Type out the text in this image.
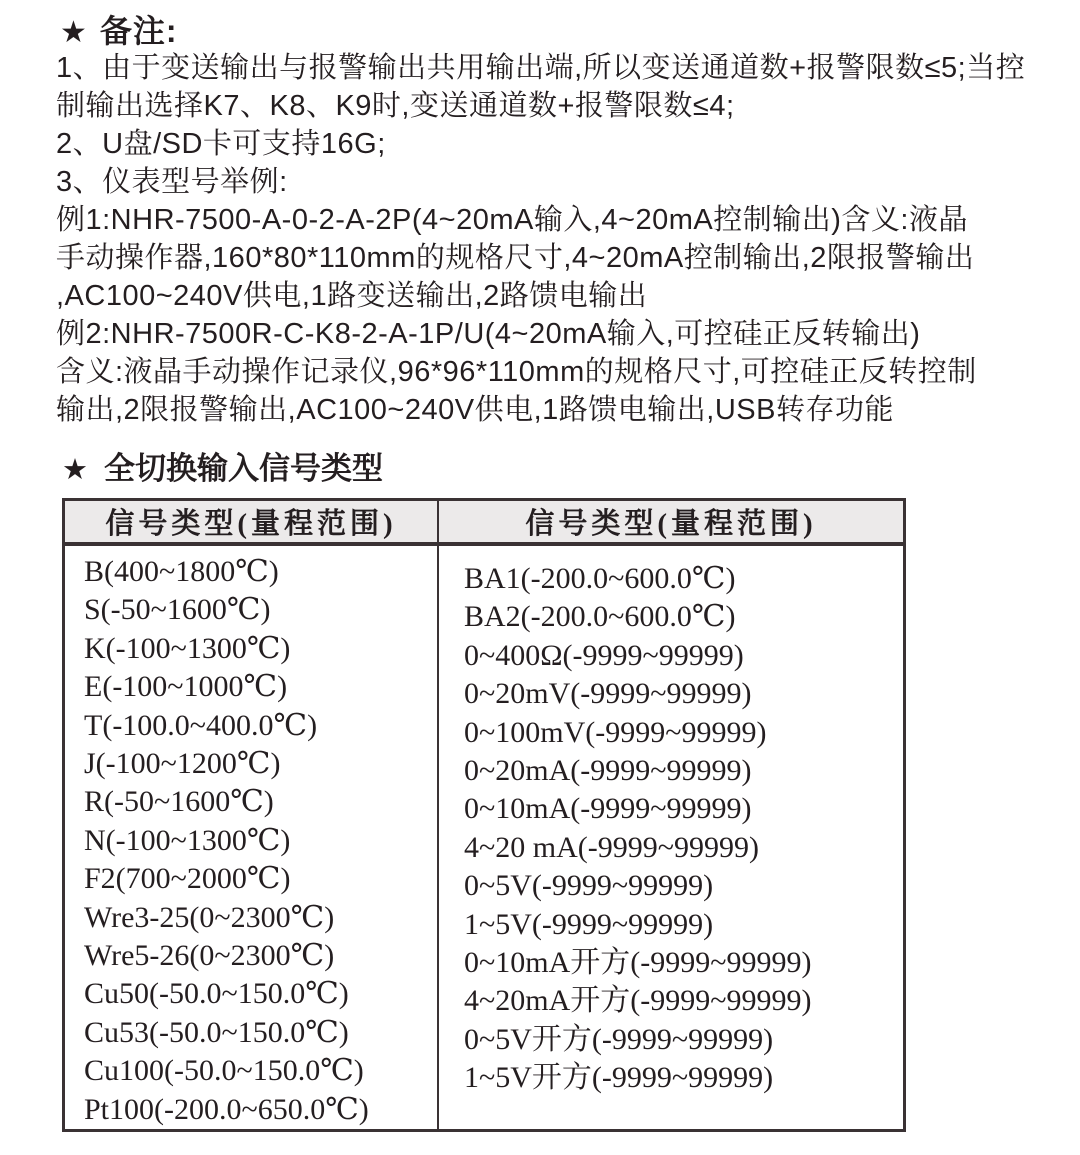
★ 备注:
1、由于变送输出与报警输出共用输出端,所以变送通道数+报警限数≤5;当控
制输出选择K7、K8、K9时,变送通道数+报警限数≤4;
2、U盘/SD卡可支持16G;
3、仪表型号举例:
例1:NHR-7500-A-0-2-A-2P(4~20mA输入,4~20mA控制输出)含义:液晶
手动操作器,160*80*110mm的规格尺寸,4~20mA控制输出,2限报警输出
,AC100~240V供电,1路变送输出,2路馈电输出
例2:NHR-7500R-C-K8-2-A-1P/U(4~20mA输入,可控硅正反转输出)
含义:液晶手动操作记录仪,96*96*110mm的规格尺寸,可控硅正反转控制
输出,2限报警输出,AC100~240V供电,1路馈电输出,USB转存功能
★ 全切换输入信号类型
信号类型(量程范围)	信号类型(量程范围)
B(400~1800℃)
S(-50~1600℃)
K(-100~1300℃)
E(-100~1000℃)
T(-100.0~400.0℃)
J(-100~1200℃)
R(-50~1600℃)
N(-100~1300℃)
F2(700~2000℃)
Wre3-25(0~2300℃)
Wre5-26(0~2300℃)
Cu50(-50.0~150.0℃)
Cu53(-50.0~150.0℃)
Cu100(-50.0~150.0℃)
Pt100(-200.0~650.0℃)
BA1(-200.0~600.0℃)
BA2(-200.0~600.0℃)
0~400Ω(-9999~99999)
0~20mV(-9999~99999)
0~100mV(-9999~99999)
0~20mA(-9999~99999)
0~10mA(-9999~99999)
4~20 mA(-9999~99999)
0~5V(-9999~99999)
1~5V(-9999~99999)
0~10mA开方(-9999~99999)
4~20mA开方(-9999~99999)
0~5V开方(-9999~99999)
1~5V开方(-9999~99999)
